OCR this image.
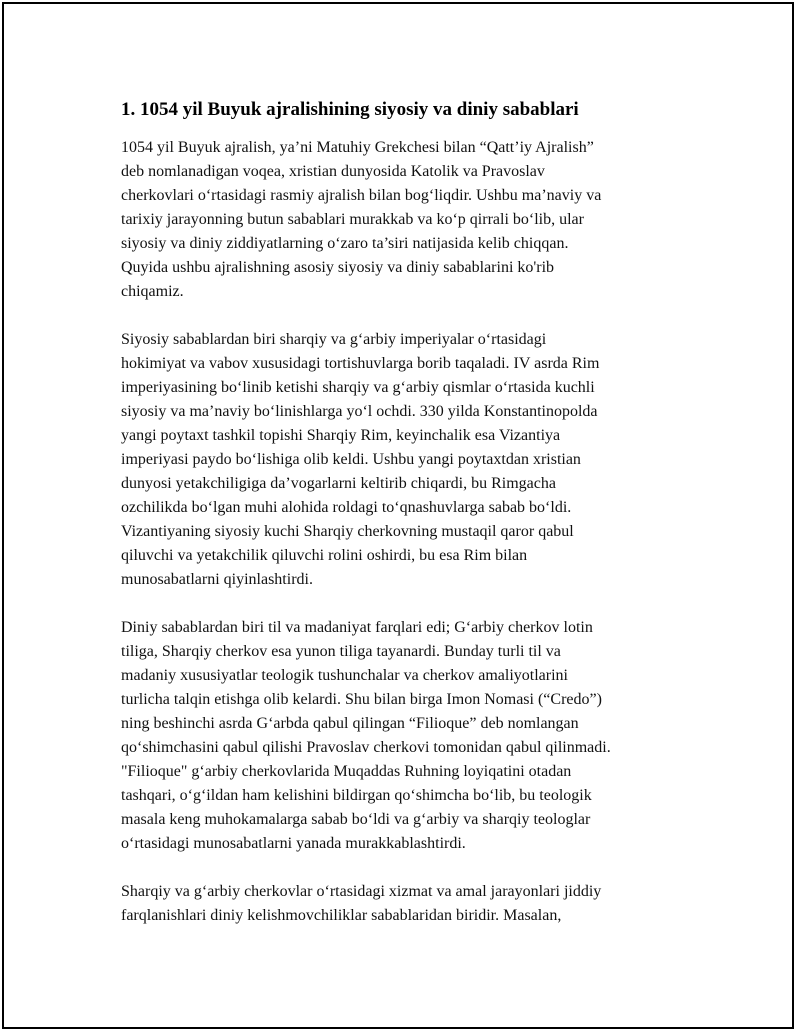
1. 1054 yil Buyuk ajralishining siyosiy va diniy sabablari

1054 yil Buyuk ajralish, ya’ni Matuhiy Grekchesi bilan “Qatt’iy Ajralish”
deb nomlanadigan voqea, xristian dunyosida Katolik va Pravoslav
cherkovlari o‘rtasidagi rasmiy ajralish bilan bog‘liqdir. Ushbu ma’naviy va
tarixiy jarayonning butun sabablari murakkab va ko‘p qirrali bo‘lib, ular
siyosiy va diniy ziddiyatlarning o‘zaro ta’siri natijasida kelib chiqqan.
Quyida ushbu ajralishning asosiy siyosiy va diniy sabablarini ko'rib
chiqamiz.

Siyosiy sabablardan biri sharqiy va g‘arbiy imperiyalar o‘rtasidagi
hokimiyat va vabov xususidagi tortishuvlarga borib taqaladi. IV asrda Rim
imperiyasining bo‘linib ketishi sharqiy va g‘arbiy qismlar o‘rtasida kuchli
siyosiy va ma’naviy bo‘linishlarga yo‘l ochdi. 330 yilda Konstantinopolda
yangi poytaxt tashkil topishi Sharqiy Rim, keyinchalik esa Vizantiya
imperiyasi paydo bo‘lishiga olib keldi. Ushbu yangi poytaxtdan xristian
dunyosi yetakchiligiga da’vogarlarni keltirib chiqardi, bu Rimgacha
ozchilikda bo‘lgan muhi alohida roldagi to‘qnashuvlarga sabab bo‘ldi.
Vizantiyaning siyosiy kuchi Sharqiy cherkovning mustaqil qaror qabul
qiluvchi va yetakchilik qiluvchi rolini oshirdi, bu esa Rim bilan
munosabatlarni qiyinlashtirdi.

Diniy sabablardan biri til va madaniyat farqlari edi; G‘arbiy cherkov lotin
tiliga, Sharqiy cherkov esa yunon tiliga tayanardi. Bunday turli til va
madaniy xususiyatlar teologik tushunchalar va cherkov amaliyotlarini
turlicha talqin etishga olib kelardi. Shu bilan birga Imon Nomasi (“Credo”)
ning beshinchi asrda G‘arbda qabul qilingan “Filioque” deb nomlangan
qo‘shimchasini qabul qilishi Pravoslav cherkovi tomonidan qabul qilinmadi.
"Filioque" g‘arbiy cherkovlarida Muqaddas Ruhning loyiqatini otadan
tashqari, o‘g‘ildan ham kelishini bildirgan qo‘shimcha bo‘lib, bu teologik
masala keng muhokamalarga sabab bo‘ldi va g‘arbiy va sharqiy teologlar
o‘rtasidagi munosabatlarni yanada murakkablashtirdi.

Sharqiy va g‘arbiy cherkovlar o‘rtasidagi xizmat va amal jarayonlari jiddiy
farqlanishlari diniy kelishmovchiliklar sabablaridan biridir. Masalan,
